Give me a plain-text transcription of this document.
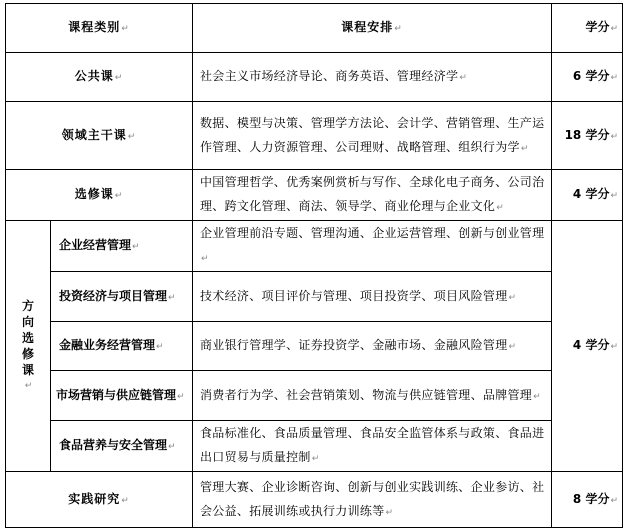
课程类别↵		课程安排↵	学分↵
公共课↵		社会主义市场经济导论、商务英语、管理经济学↵	6 学分↵
领域主干课↵		数据、模型与决策、管理学方法论、会计学、营销管理、生产运作管理、人力资源管理、公司理财、战略管理、组织行为学↵	18 学分↵
选修课↵		中国管理哲学、优秀案例赏析与写作、全球化电子商务、公司治理、跨文化管理、商法、领导学、商业伦理与企业文化↵	4 学分↵

方
向
选
修
课
↵
	企业经营管理↵	企业管理前沿专题、管理沟通、企业运营管理、创新与创业管理↵	4 学分↵
	投资经济与项目管理↵	技术经济、项目评价与管理、项目投资学、项目风险管理↵	
	金融业务经营管理↵	商业银行管理学、证券投资学、金融市场、金融风险管理↵	
	市场营销与供应链管理↵	消费者行为学、社会营销策划、物流与供应链管理、品牌管理↵	
	食品营养与安全管理↵	食品标准化、食品质量管理、食品安全监管体系与政策、食品进出口贸易与质量控制↵	
实践研究↵		管理大赛、企业诊断咨询、创新与创业实践训练、企业参访、社会公益、拓展训练或执行力训练等↵	8 学分↵
